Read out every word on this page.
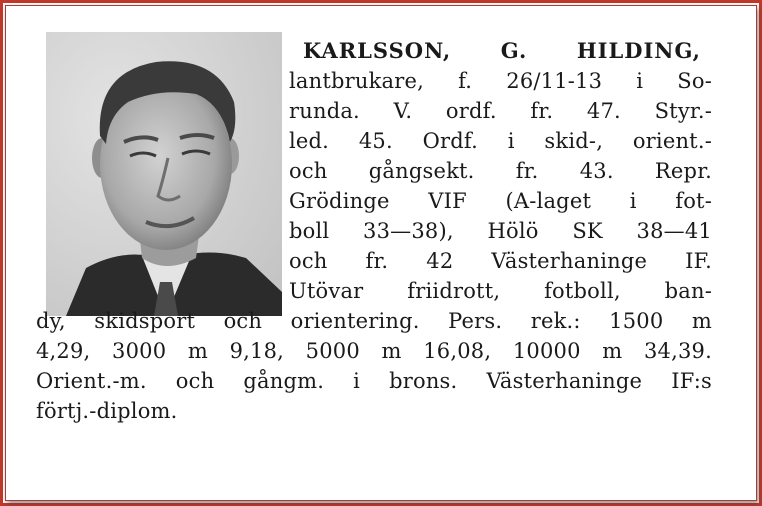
KARLSSON, G. HILDING,
lantbrukare, f. 26/11-13 i So-
runda. V. ordf. fr. 47. Styr.-
led. 45. Ordf. i skid-, orient.-
och gångsekt. fr. 43. Repr.
Grödinge VIF (A-laget i fot-
boll 33—38), Hölö SK 38—41
och fr. 42 Västerhaninge IF.
Utövar friidrott, fotboll, ban-
dy, skidsport och orientering. Pers. rek.: 1500 m
4,29, 3000 m 9,18, 5000 m 16,08, 10000 m 34,39.
Orient.-m. och gångm. i brons. Västerhaninge IF:s
förtj.-diplom.
